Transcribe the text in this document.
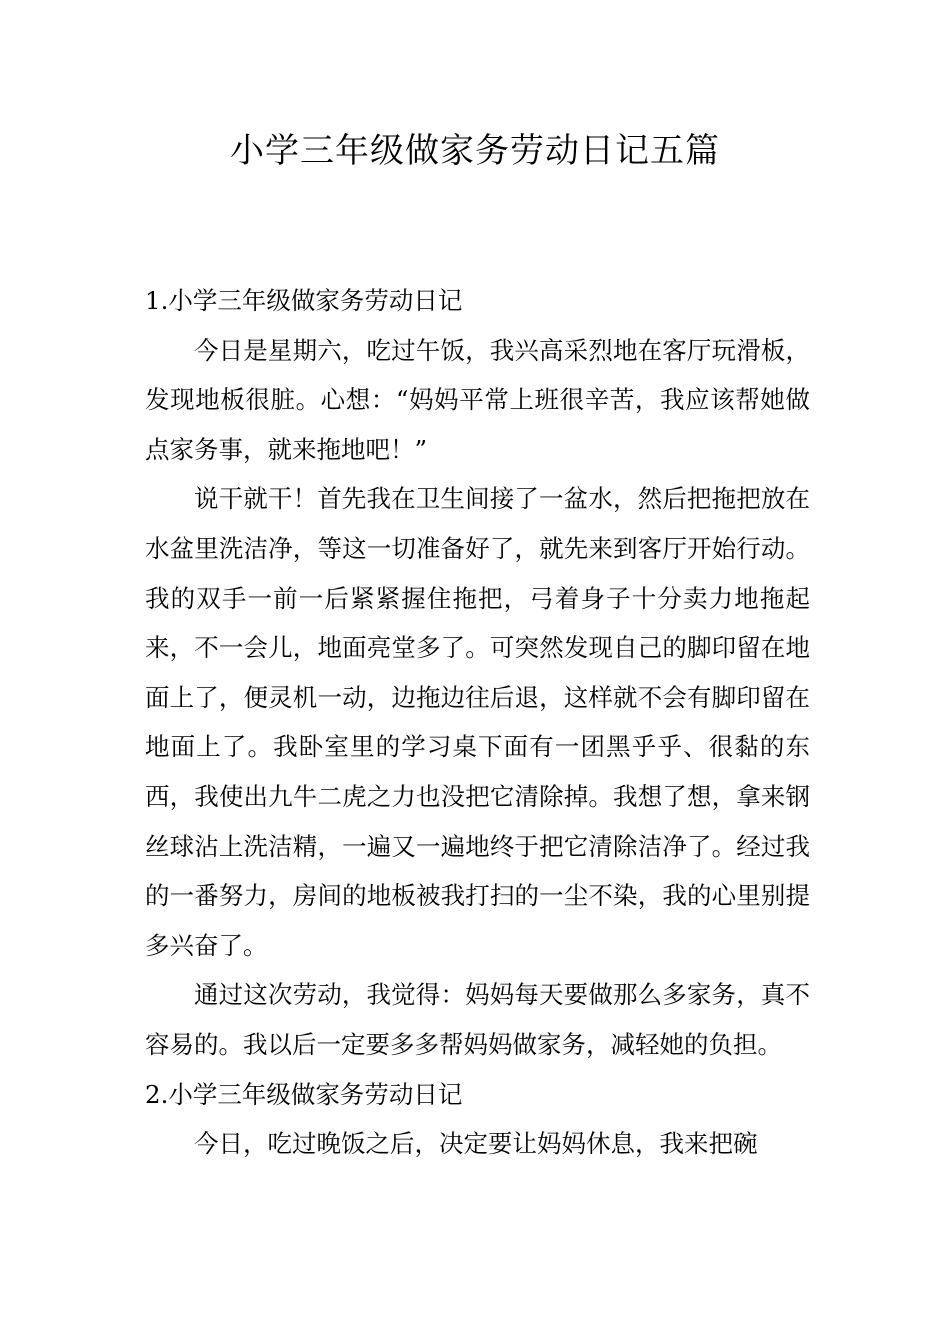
小学三年级做家务劳动日记五篇
1.小学三年级做家务劳动日记

今日是星期六，吃过午饭，我兴高采烈地在客厅玩滑板，发现地板很脏。心想：“妈妈平常上班很辛苦，我应该帮她做点家务事，就来拖地吧！”

说干就干！首先我在卫生间接了一盆水，然后把拖把放在水盆里洗洁净，等这一切准备好了，就先来到客厅开始行动。我的双手一前一后紧紧握住拖把，弓着身子十分卖力地拖起来，不一会儿，地面亮堂多了。可突然发现自己的脚印留在地面上了，便灵机一动，边拖边往后退，这样就不会有脚印留在地面上了。我卧室里的学习桌下面有一团黑乎乎、很黏的东西，我使出九牛二虎之力也没把它清除掉。我想了想，拿来钢丝球沾上洗洁精，一遍又一遍地终于把它清除洁净了。经过我的一番努力，房间的地板被我打扫的一尘不染，我的心里别提多兴奋了。

通过这次劳动，我觉得：妈妈每天要做那么多家务，真不容易的。我以后一定要多多帮妈妈做家务，减轻她的负担。

2.小学三年级做家务劳动日记

今日，吃过晚饭之后，决定要让妈妈休息，我来把碗
